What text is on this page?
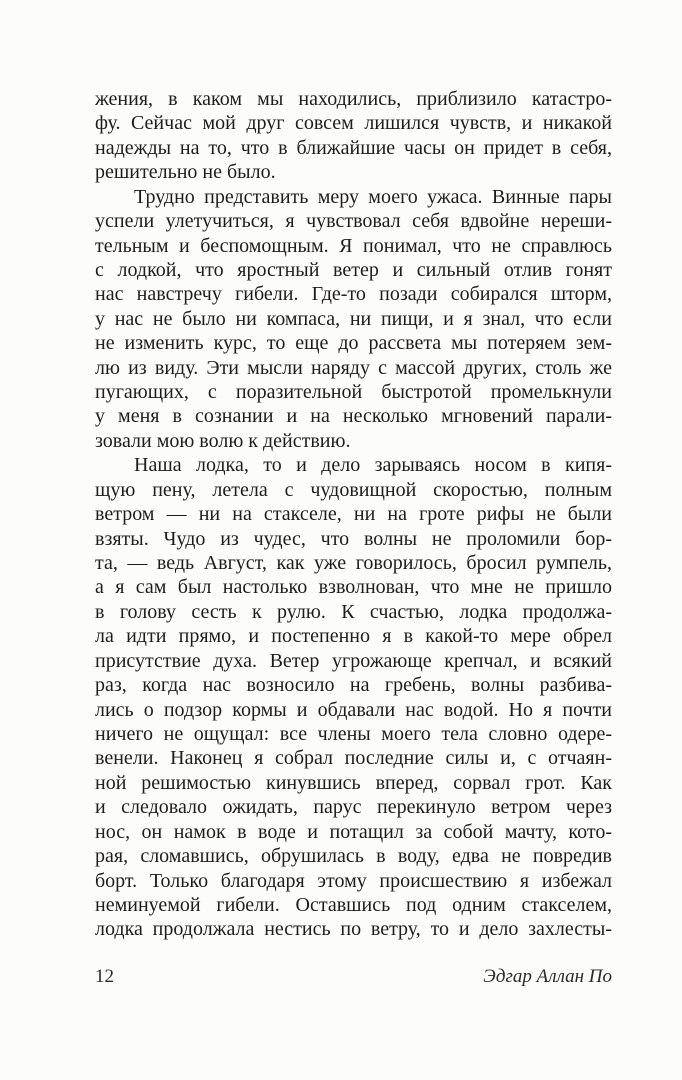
жения, в каком мы находились, приблизило катастро-
фу. Сейчас мой друг совсем лишился чувств, и никакой
надежды на то, что в ближайшие часы он придет в себя,
решительно не было.
Трудно представить меру моего ужаса. Винные пары
успели улетучиться, я чувствовал себя вдвойне нереши-
тельным и беспомощным. Я понимал, что не справлюсь
с лодкой, что яростный ветер и сильный отлив гонят
нас навстречу гибели. Где-то позади собирался шторм,
у нас не было ни компаса, ни пищи, и я знал, что если
не изменить курс, то еще до рассвета мы потеряем зем-
лю из виду. Эти мысли наряду с массой других, столь же
пугающих, с поразительной быстротой промелькнули
у меня в сознании и на несколько мгновений парали-
зовали мою волю к действию.
Наша лодка, то и дело зарываясь носом в кипя-
щую пену, летела с чудовищной скоростью, полным
ветром — ни на стакселе, ни на гроте рифы не были
взяты. Чудо из чудес, что волны не проломили бор-
та, — ведь Август, как уже говорилось, бросил румпель,
а я сам был настолько взволнован, что мне не пришло
в голову сесть к рулю. К счастью, лодка продолжа-
ла идти прямо, и постепенно я в какой-то мере обрел
присутствие духа. Ветер угрожающе крепчал, и всякий
раз, когда нас возносило на гребень, волны разбива-
лись о подзор кормы и обдавали нас водой. Но я почти
ничего не ощущал: все члены моего тела словно одере-
венели. Наконец я собрал последние силы и, с отчаян-
ной решимостью кинувшись вперед, сорвал грот. Как
и следовало ожидать, парус перекинуло ветром через
нос, он намок в воде и потащил за собой мачту, кото-
рая, сломавшись, обрушилась в воду, едва не повредив
борт. Только благодаря этому происшествию я избежал
неминуемой гибели. Оставшись под одним стакселем,
лодка продолжала нестись по ветру, то и дело захлесты-
12	Эдгар Аллан По
